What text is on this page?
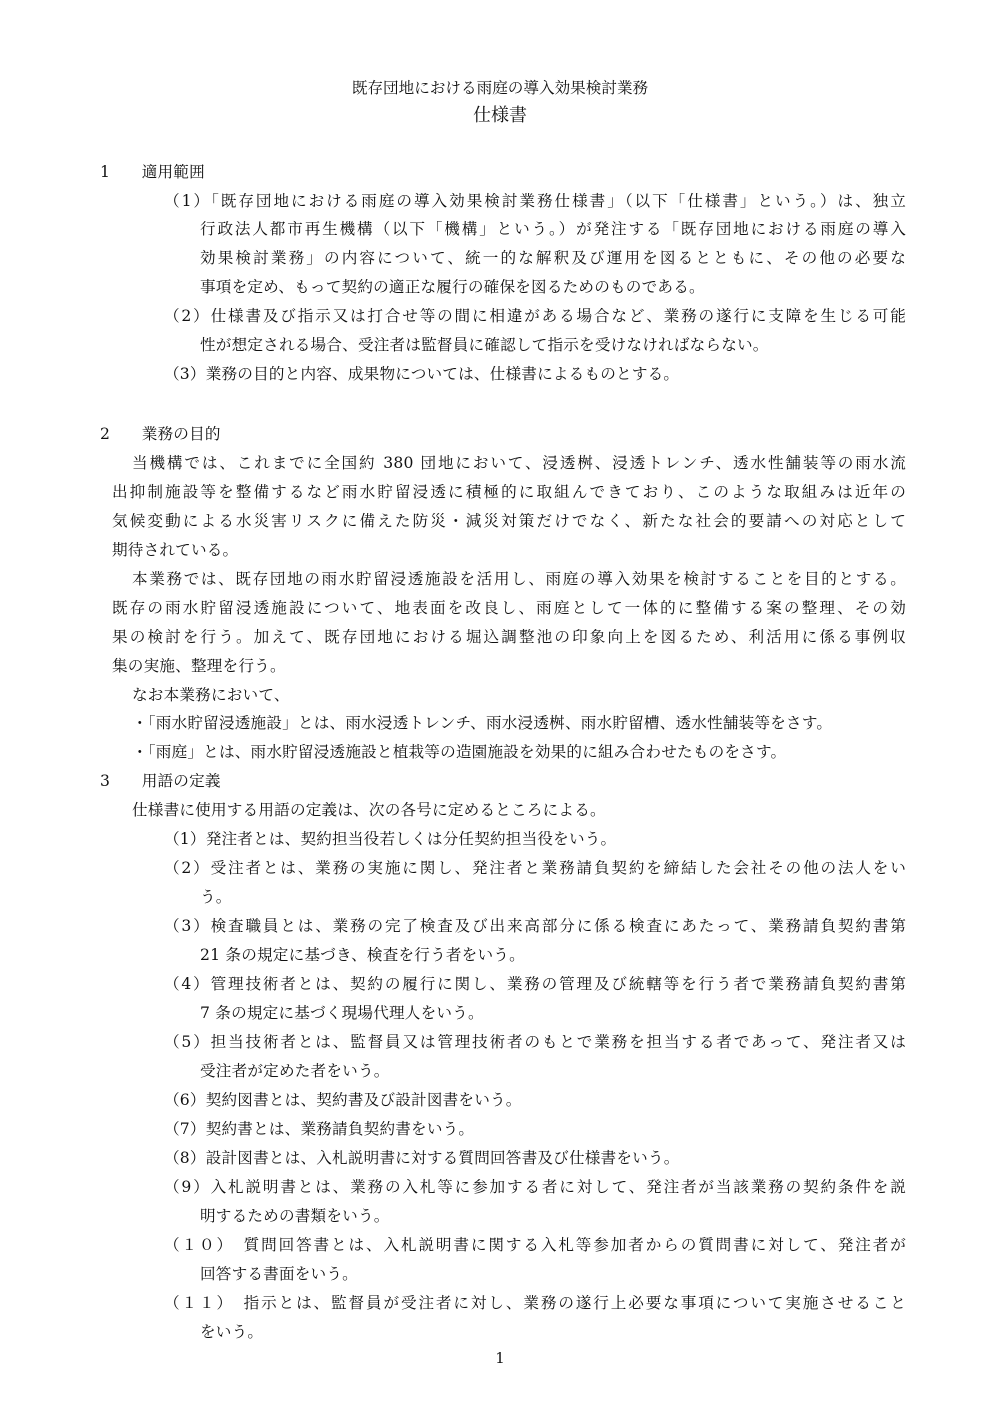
既存団地における雨庭の導入効果検討業務
仕様書
1　　適用範囲
（1）「既存団地における雨庭の導入効果検討業務仕様書」（以下「仕様書」という。）は、独立
行政法人都市再生機構（以下「機構」という。）が発注する「既存団地における雨庭の導入
効果検討業務」の内容について、統一的な解釈及び運用を図るとともに、その他の必要な
事項を定め、もって契約の適正な履行の確保を図るためのものである。
（2）仕様書及び指示又は打合せ等の間に相違がある場合など、業務の遂行に支障を生じる可能
性が想定される場合、受注者は監督員に確認して指示を受けなければならない。
（3）業務の目的と内容、成果物については、仕様書によるものとする。
2　　業務の目的
当機構では、これまでに全国約 380 団地において、浸透桝、浸透トレンチ、透水性舗装等の雨水流
出抑制施設等を整備するなど雨水貯留浸透に積極的に取組んできており、このような取組みは近年の
気候変動による水災害リスクに備えた防災・減災対策だけでなく、新たな社会的要請への対応として
期待されている。
本業務では、既存団地の雨水貯留浸透施設を活用し、雨庭の導入効果を検討することを目的とする。
既存の雨水貯留浸透施設について、地表面を改良し、雨庭として一体的に整備する案の整理、その効
果の検討を行う。加えて、既存団地における堀込調整池の印象向上を図るため、利活用に係る事例収
集の実施、整理を行う。
なお本業務において、
・「雨水貯留浸透施設」とは、雨水浸透トレンチ、雨水浸透桝、雨水貯留槽、透水性舗装等をさす。
・「雨庭」とは、雨水貯留浸透施設と植栽等の造園施設を効果的に組み合わせたものをさす。
3　　用語の定義
仕様書に使用する用語の定義は、次の各号に定めるところによる。
（1）発注者とは、契約担当役若しくは分任契約担当役をいう。
（2）受注者とは、業務の実施に関し、発注者と業務請負契約を締結した会社その他の法人をい
う。
（3）検査職員とは、業務の完了検査及び出来高部分に係る検査にあたって、業務請負契約書第
21 条の規定に基づき、検査を行う者をいう。
（4）管理技術者とは、契約の履行に関し、業務の管理及び統轄等を行う者で業務請負契約書第
7 条の規定に基づく現場代理人をいう。
（5）担当技術者とは、監督員又は管理技術者のもとで業務を担当する者であって、発注者又は
受注者が定めた者をいう。
（6）契約図書とは、契約書及び設計図書をいう。
（7）契約書とは、業務請負契約書をいう。
（8）設計図書とは、入札説明書に対する質問回答書及び仕様書をいう。
（9）入札説明書とは、業務の入札等に参加する者に対して、発注者が当該業務の契約条件を説
明するための書類をいう。
（１０）　質問回答書とは、入札説明書に関する入札等参加者からの質問書に対して、発注者が
回答する書面をいう。
（１１）　指示とは、監督員が受注者に対し、業務の遂行上必要な事項について実施させること
をいう。
1
